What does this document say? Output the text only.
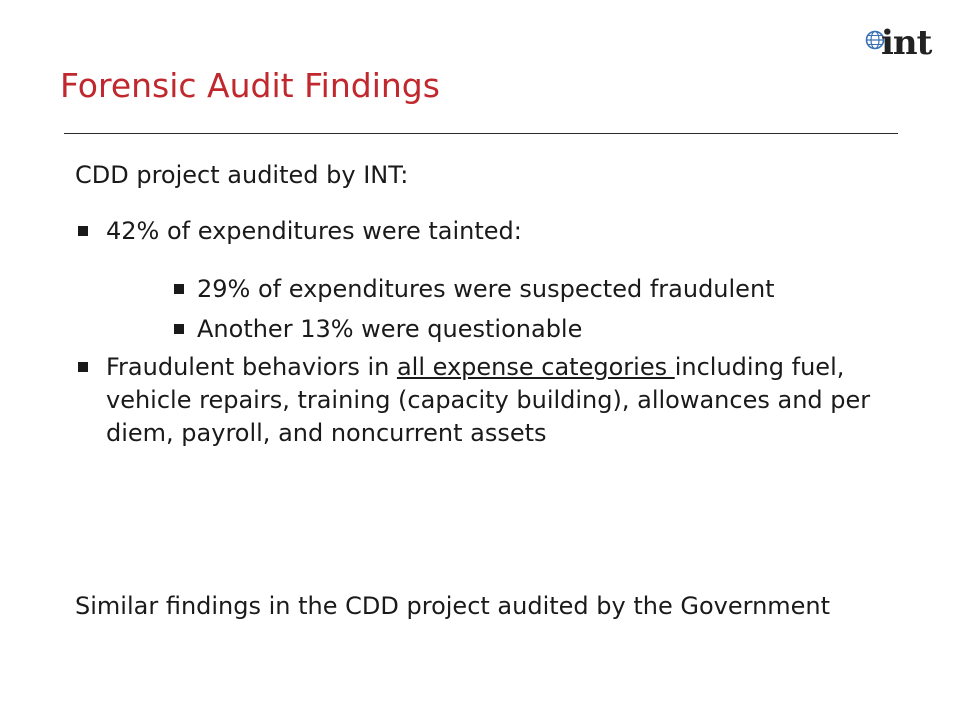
Forensic Audit Findings
int
CDD project audited by INT:
42% of expenditures were tainted:
29% of expenditures were suspected fraudulent
Another 13% were questionable
Fraudulent behaviors in all expense categories including fuel, vehicle repairs, training (capacity building), allowances and per diem, payroll, and noncurrent assets
Similar findings in the CDD project audited by the Government
